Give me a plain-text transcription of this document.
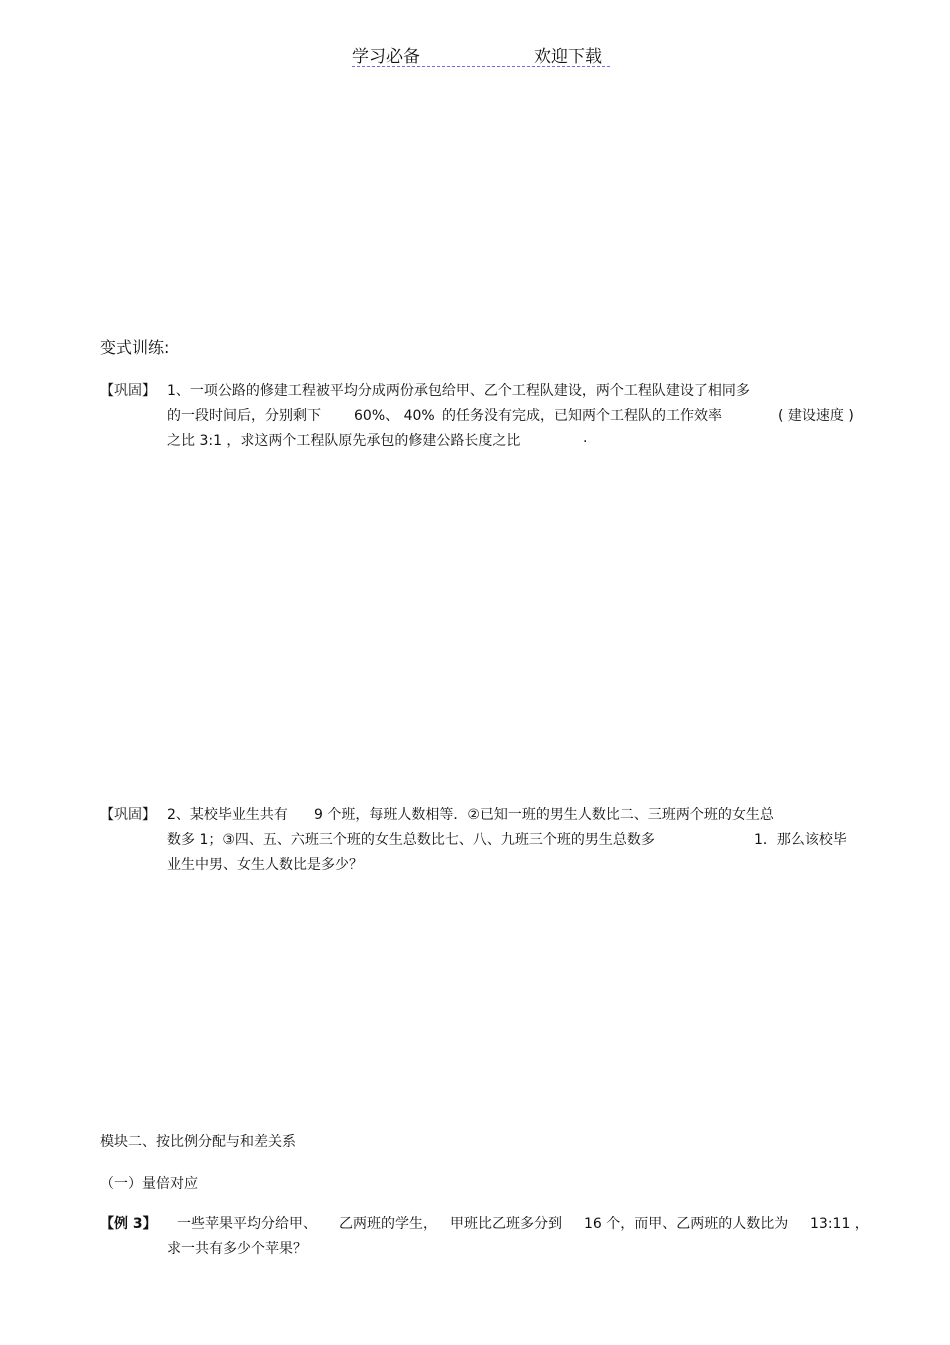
学习必备	欢迎下载
变式训练:
【巩固】 1、一项公路的修建工程被平均分成两份承包给甲、乙个工程队建设，两个工程队建设了相同多
的一段时间后，分别剩下 60%、 40% 的任务没有完成，已知两个工程队的工作效率	( 建设速度 )
之比 3:1 ，求这两个工程队原先承包的修建公路长度之比	.
【巩固】 2、某校毕业生共有 9 个班，每班人数相等．②已知一班的男生人数比二、三班两个班的女生总
数多 1；③四、五、六班三个班的女生总数比七、八、九班三个班的男生总数多	1．那么该校毕
业生中男、女生人数比是多少？
模块二、按比例分配与和差关系
（一）量倍对应
【例 3】 一些苹果平均分给甲、 乙两班的学生， 甲班比乙班多分到 16 个，而甲、乙两班的人数比为 13:11 ，
求一共有多少个苹果？
